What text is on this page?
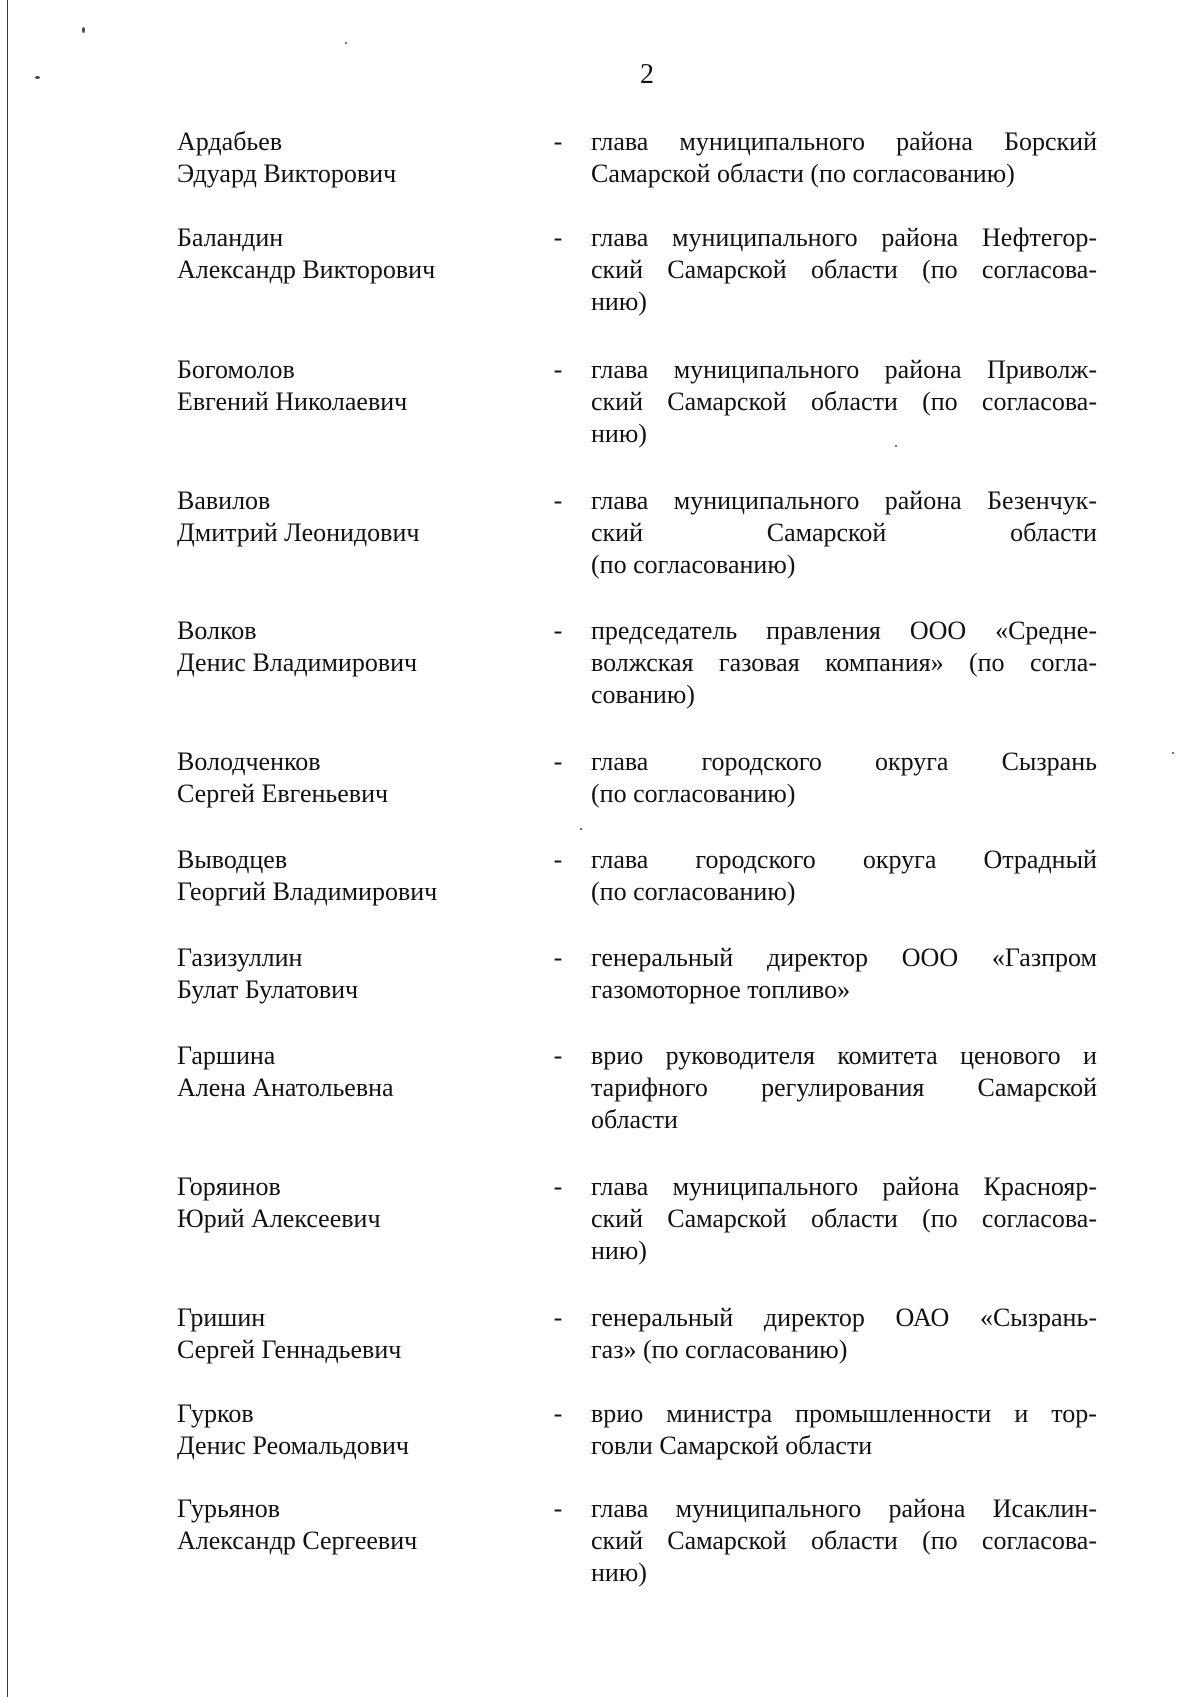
2
Ардабьев
Эдуард Викторович
- глава муниципального района Борский
Самарской области (по согласованию)
Баландин
Александр Викторович
- глава муниципального района Нефтегор-
ский Самарской области (по согласова-
нию)
Богомолов
Евгений Николаевич
- глава муниципального района Приволж-
ский Самарской области (по согласова-
нию)
Вавилов
Дмитрий Леонидович
- глава муниципального района Безенчук-
ский	Самарской	области
(по согласованию)
Волков
Денис Владимирович
- председатель правления ООО «Средне-
волжская газовая компания» (по согла-
сованию)
Володченков
Сергей Евгеньевич
- глава городского округа Сызрань
(по согласованию)
Выводцев
Георгий Владимирович
- глава городского округа Отрадный
(по согласованию)
Газизуллин
Булат Булатович
- генеральный директор ООО «Газпром
газомоторное топливо»
Гаршина
Алена Анатольевна
- врио руководителя комитета ценового и
тарифного регулирования Самарской
области
Горяинов
Юрий Алексеевич
- глава муниципального района Краснояр-
ский Самарской области (по согласова-
нию)
Гришин
Сергей Геннадьевич
- генеральный директор ОАО «Сызрань-
газ» (по согласованию)
Гурков
Денис Реомальдович
- врио министра промышленности и тор-
говли Самарской области
Гурьянов
Александр Сергеевич
- глава муниципального района Исаклин-
ский Самарской области (по согласова-
нию)
